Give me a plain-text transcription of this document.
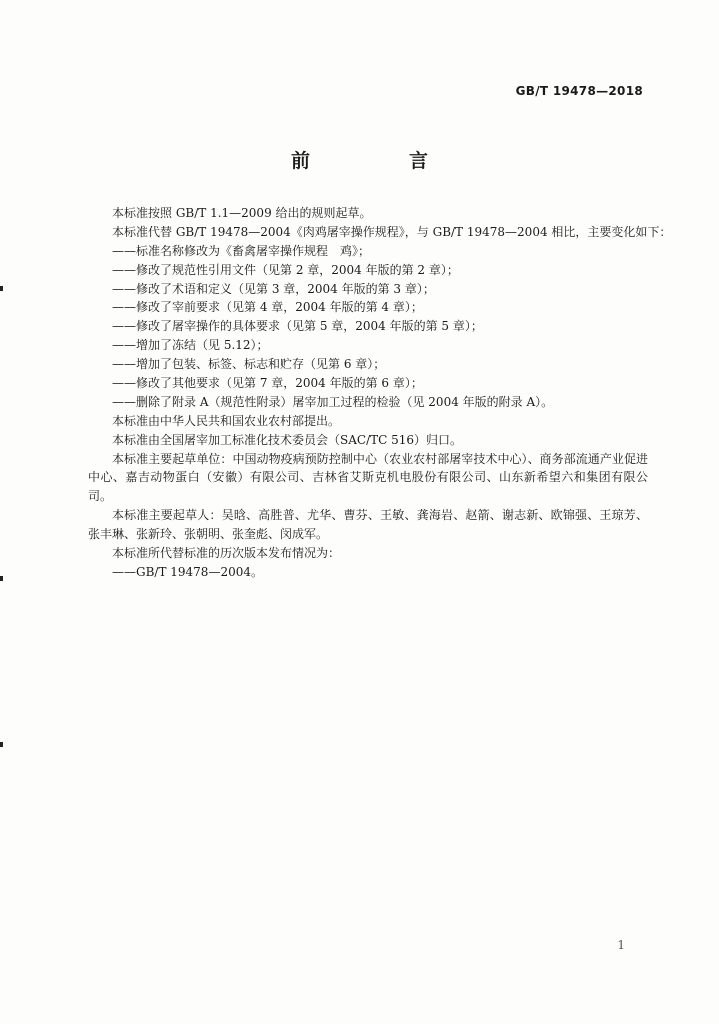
GB/T 19478—2018
前　言
本标准按照 GB/T 1.1—2009 给出的规则起草。
本标准代替 GB/T 19478—2004《肉鸡屠宰操作规程》，与 GB/T 19478—2004 相比，主要变化如下：
——标准名称修改为《畜禽屠宰操作规程　鸡》；
——修改了规范性引用文件（见第 2 章，2004 年版的第 2 章）；
——修改了术语和定义（见第 3 章，2004 年版的第 3 章）；
——修改了宰前要求（见第 4 章，2004 年版的第 4 章）；
——修改了屠宰操作的具体要求（见第 5 章，2004 年版的第 5 章）；
——增加了冻结（见 5.12）；
——增加了包装、标签、标志和贮存（见第 6 章）；
——修改了其他要求（见第 7 章，2004 年版的第 6 章）；
——删除了附录 A（规范性附录）屠宰加工过程的检验（见 2004 年版的附录 A）。
本标准由中华人民共和国农业农村部提出。
本标准由全国屠宰加工标准化技术委员会（SAC/TC 516）归口。
本标准主要起草单位：中国动物疫病预防控制中心（农业农村部屠宰技术中心）、商务部流通产业促进中心、嘉吉动物蛋白（安徽）有限公司、吉林省艾斯克机电股份有限公司、山东新希望六和集团有限公司。
本标准主要起草人：吴晗、高胜普、尤华、曹芬、王敏、龚海岩、赵箭、谢志新、欧锦强、王琼芳、张丰琳、张新玲、张朝明、张奎彪、闵成军。
本标准所代替标准的历次版本发布情况为：
——GB/T 19478—2004。
1
